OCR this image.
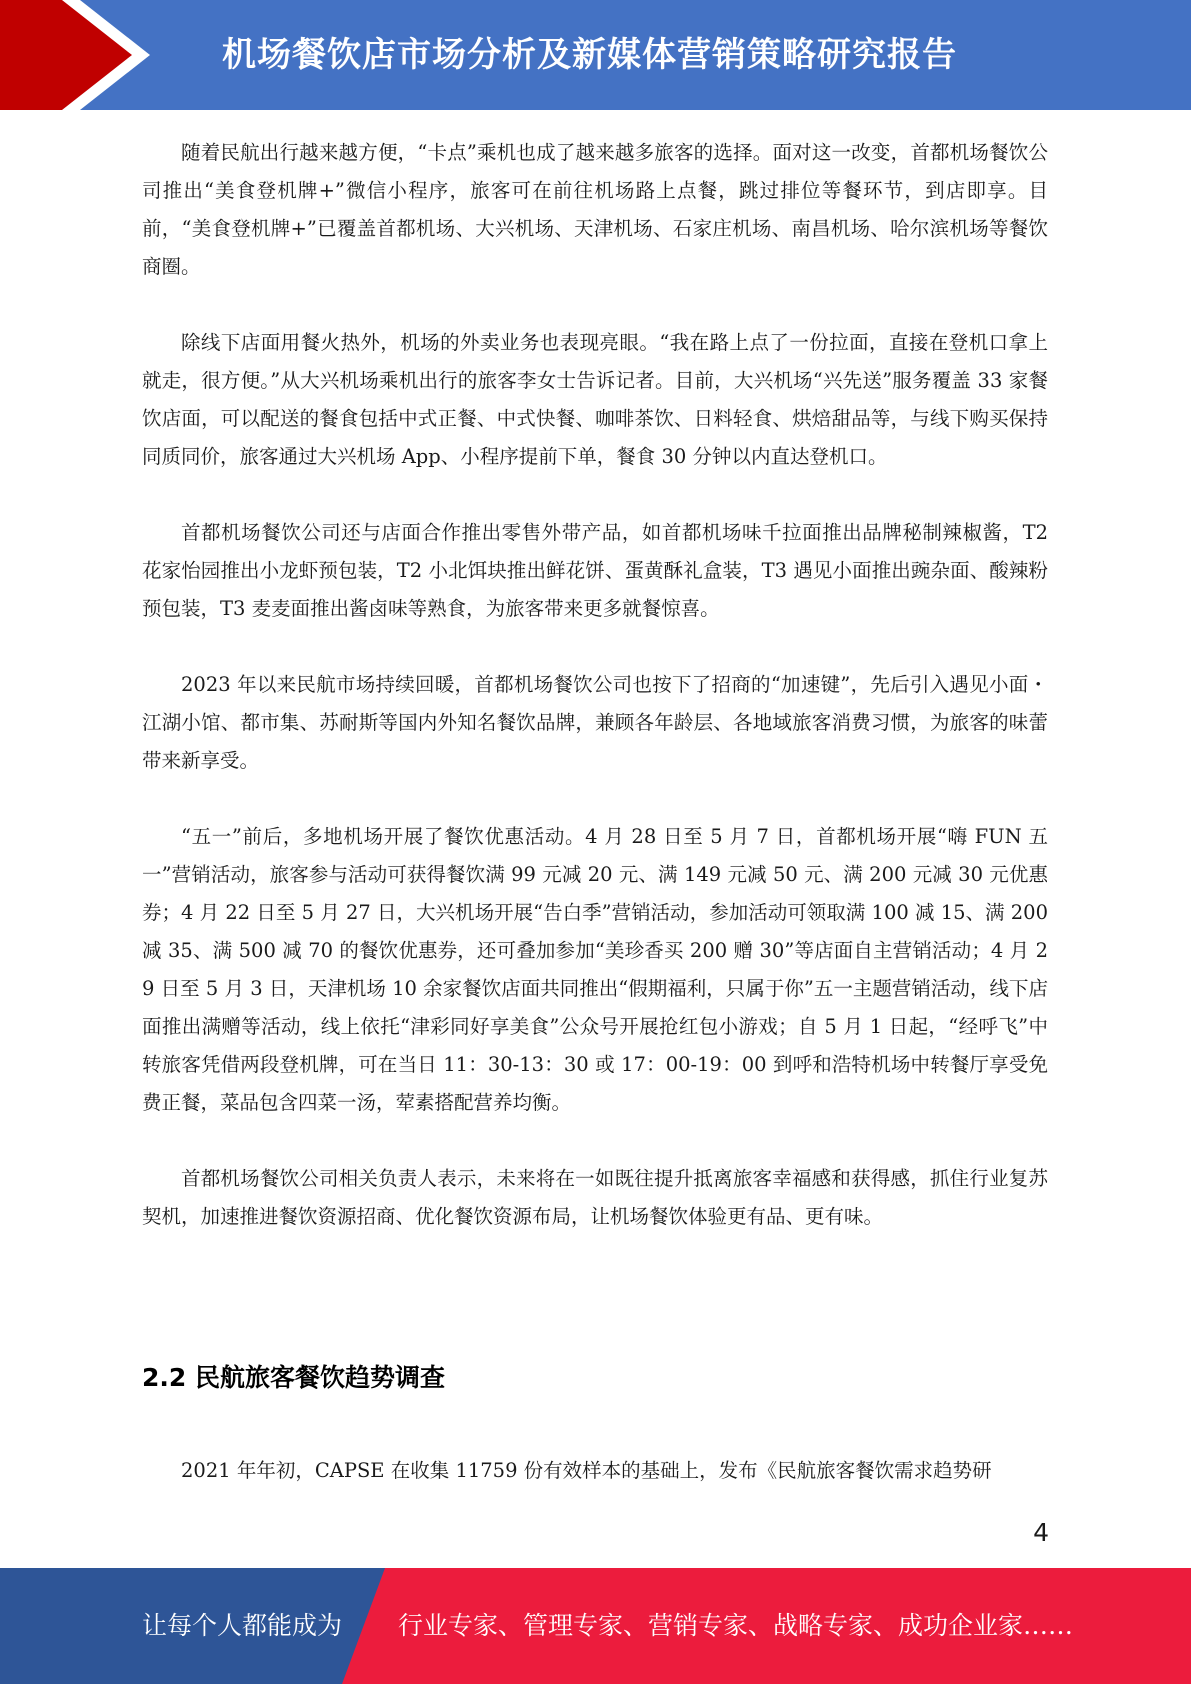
机场餐饮店市场分析及新媒体营销策略研究报告

随着民航出行越来越方便，“卡点”乘机也成了越来越多旅客的选择。面对这一改变，首都机场餐饮公司推出“美食登机牌+”微信小程序，旅客可在前往机场路上点餐，跳过排位等餐环节，到店即享。目前，“美食登机牌+”已覆盖首都机场、大兴机场、天津机场、石家庄机场、南昌机场、哈尔滨机场等餐饮商圈。

除线下店面用餐火热外，机场的外卖业务也表现亮眼。“我在路上点了一份拉面，直接在登机口拿上就走，很方便。”从大兴机场乘机出行的旅客李女士告诉记者。目前，大兴机场“兴先送”服务覆盖 33 家餐饮店面，可以配送的餐食包括中式正餐、中式快餐、咖啡茶饮、日料轻食、烘焙甜品等，与线下购买保持同质同价，旅客通过大兴机场 App、小程序提前下单，餐食 30 分钟以内直达登机口。

首都机场餐饮公司还与店面合作推出零售外带产品，如首都机场味千拉面推出品牌秘制辣椒酱，T2 花家怡园推出小龙虾预包装，T2 小北饵块推出鲜花饼、蛋黄酥礼盒装，T3 遇见小面推出豌杂面、酸辣粉预包装，T3 麦麦面推出酱卤味等熟食，为旅客带来更多就餐惊喜。

2023 年以来民航市场持续回暖，首都机场餐饮公司也按下了招商的“加速键”，先后引入遇见小面・江湖小馆、都市集、苏耐斯等国内外知名餐饮品牌，兼顾各年龄层、各地域旅客消费习惯，为旅客的味蕾带来新享受。

“五一”前后，多地机场开展了餐饮优惠活动。4 月 28 日至 5 月 7 日，首都机场开展“嗨 FUN 五一”营销活动，旅客参与活动可获得餐饮满 99 元减 20 元、满 149 元减 50 元、满 200 元减 30 元优惠券；4 月 22 日至 5 月 27 日，大兴机场开展“告白季”营销活动，参加活动可领取满 100 减 15、满 200 减 35、满 500 减 70 的餐饮优惠券，还可叠加参加“美珍香买 200 赠 30”等店面自主营销活动；4 月 29 日至 5 月 3 日，天津机场 10 余家餐饮店面共同推出“假期福利，只属于你”五一主题营销活动，线下店面推出满赠等活动，线上依托“津彩同好享美食”公众号开展抢红包小游戏；自 5 月 1 日起，“经呼飞”中转旅客凭借两段登机牌，可在当日 11：30-13：30 或 17：00-19：00 到呼和浩特机场中转餐厅享受免费正餐，菜品包含四菜一汤，荤素搭配营养均衡。

首都机场餐饮公司相关负责人表示，未来将在一如既往提升抵离旅客幸福感和获得感，抓住行业复苏契机，加速推进餐饮资源招商、优化餐饮资源布局，让机场餐饮体验更有品、更有味。

2.2 民航旅客餐饮趋势调查

2021 年年初，CAPSE 在收集 11759 份有效样本的基础上，发布《民航旅客餐饮需求趋势研

4
让每个人都能成为 行业专家、管理专家、营销专家、战略专家、成功企业家……
